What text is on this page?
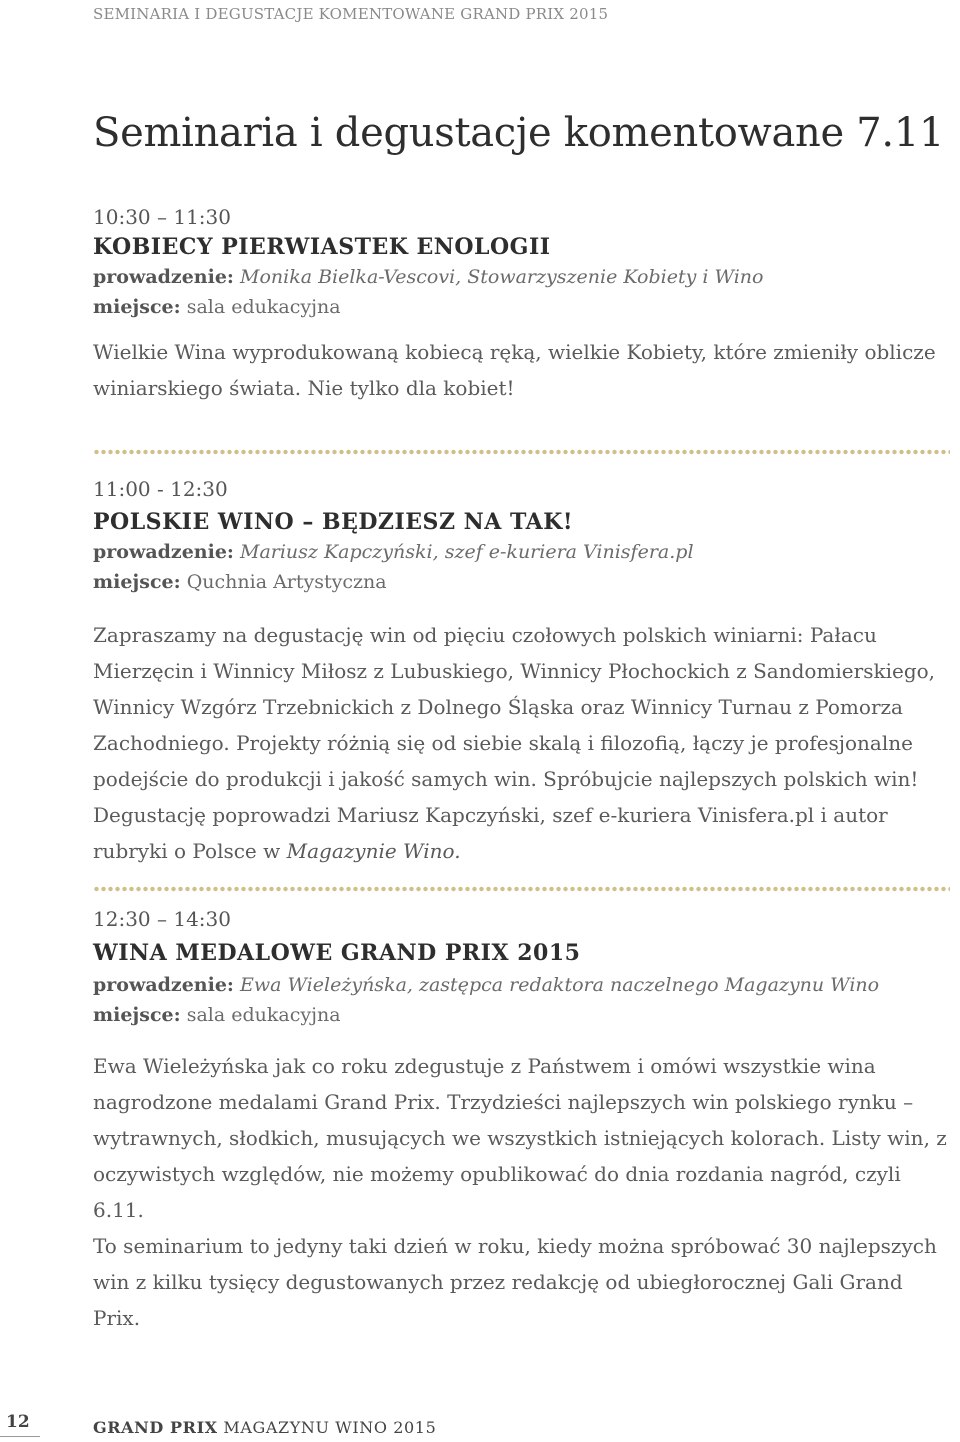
SEMINARIA I DEGUSTACJE KOMENTOWANE GRAND PRIX 2015
Seminaria i degustacje komentowane 7.11
10:30 – 11:30
KOBIECY PIERWIASTEK ENOLOGII
prowadzenie: Monika Bielka-Vescovi, Stowarzyszenie Kobiety i Wino
miejsce: sala edukacyjna

Wielkie Wina wyprodukowaną kobiecą ręką, wielkie Kobiety, które zmieniły oblicze winiarskiego świata. Nie tylko dla kobiet!

11:00 - 12:30
POLSKIE WINO – BĘDZIESZ NA TAK!
prowadzenie: Mariusz Kapczyński, szef e-kuriera Vinisfera.pl
miejsce: Quchnia Artystyczna

Zapraszamy na degustację win od pięciu czołowych polskich winiarni: Pałacu Mierzęcin i Winnicy Miłosz z Lubuskiego, Winnicy Płochockich z Sandomierskiego, Winnicy Wzgórz Trzebnickich z Dolnego Śląska oraz Winnicy Turnau z Pomorza Zachodniego. Projekty różnią się od siebie skalą i filozofią, łączy je profesjonalne podejście do produkcji i jakość samych win. Spróbujcie najlepszych polskich win! Degustację poprowadzi Mariusz Kapczyński, szef e-kuriera Vinisfera.pl i autor rubryki o Polsce w Magazynie Wino.

12:30 – 14:30
WINA MEDALOWE GRAND PRIX 2015
prowadzenie: Ewa Wieleżyńska, zastępca redaktora naczelnego Magazynu Wino
miejsce: sala edukacyjna

Ewa Wieleżyńska jak co roku zdegustuje z Państwem i omówi wszystkie wina nagrodzone medalami Grand Prix. Trzydzieści najlepszych win polskiego rynku – wytrawnych, słodkich, musujących we wszystkich istniejących kolorach. Listy win, z oczywistych względów, nie możemy opublikować do dnia rozdania nagród, czyli 6.11.

To seminarium to jedyny taki dzień w roku, kiedy można spróbować 30 najlepszych win z kilku tysięcy degustowanych przez redakcję od ubiegłorocznej Gali Grand Prix.

12	GRAND PRIX MAGAZYNU WINO 2015
